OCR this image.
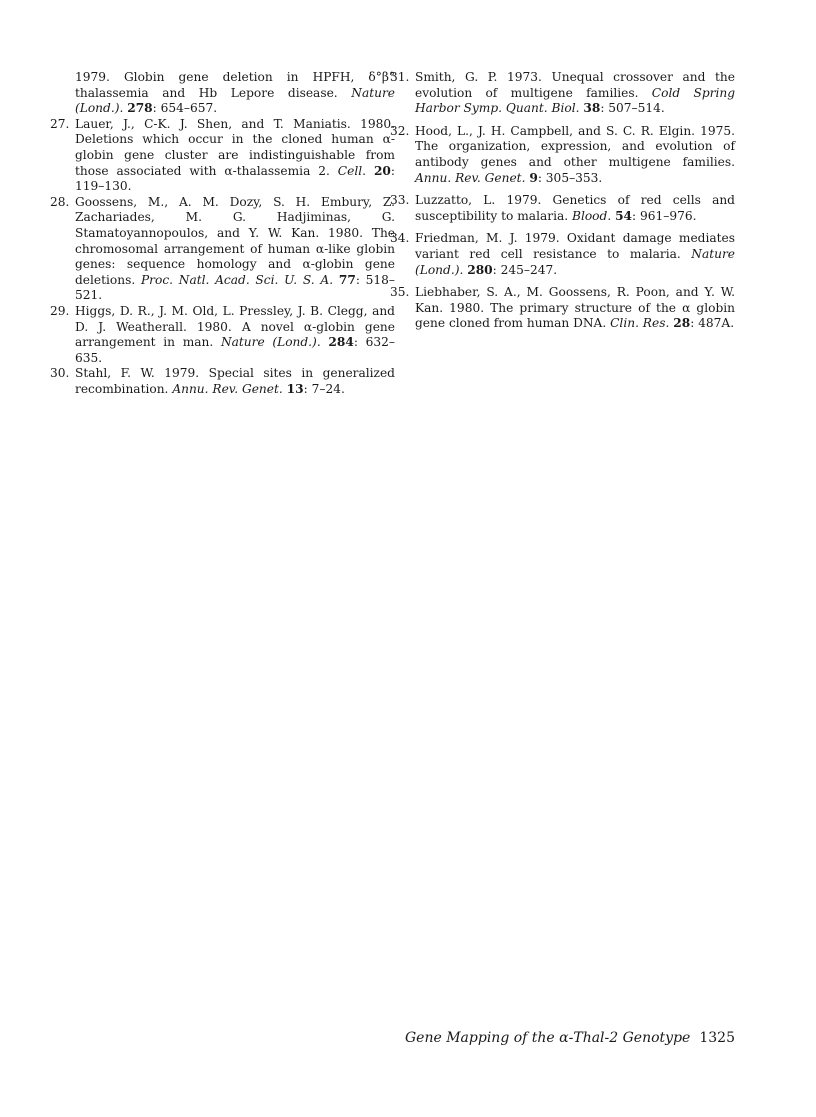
1979. Globin gene deletion in HPFH, δ°β° thalassemia and Hb Lepore disease. Nature (Lond.). 278: 654–657.
27. Lauer, J., C-K. J. Shen, and T. Maniatis. 1980. Deletions which occur in the cloned human α-globin gene cluster are indistinguishable from those associated with α-thalassemia 2. Cell. 20: 119–130.
28. Goossens, M., A. M. Dozy, S. H. Embury, Z. Zachariades, M. G. Hadjiminas, G. Stamatoyannopoulos, and Y. W. Kan. 1980. The chromosomal arrangement of human α-like globin genes: sequence homology and α-globin gene deletions. Proc. Natl. Acad. Sci. U. S. A. 77: 518–521.
29. Higgs, D. R., J. M. Old, L. Pressley, J. B. Clegg, and D. J. Weatherall. 1980. A novel α-globin gene arrangement in man. Nature (Lond.). 284: 632–635.
30. Stahl, F. W. 1979. Special sites in generalized recombination. Annu. Rev. Genet. 13: 7–24.
31. Smith, G. P. 1973. Unequal crossover and the evolution of multigene families. Cold Spring Harbor Symp. Quant. Biol. 38: 507–514.
32. Hood, L., J. H. Campbell, and S. C. R. Elgin. 1975. The organization, expression, and evolution of antibody genes and other multigene families. Annu. Rev. Genet. 9: 305–353.
33. Luzzatto, L. 1979. Genetics of red cells and susceptibility to malaria. Blood. 54: 961–976.
34. Friedman, M. J. 1979. Oxidant damage mediates variant red cell resistance to malaria. Nature (Lond.). 280: 245–247.
35. Liebhaber, S. A., M. Goossens, R. Poon, and Y. W. Kan. 1980. The primary structure of the α globin gene cloned from human DNA. Clin. Res. 28: 487A.
Gene Mapping of the α-Thal-2 Genotype 1325
